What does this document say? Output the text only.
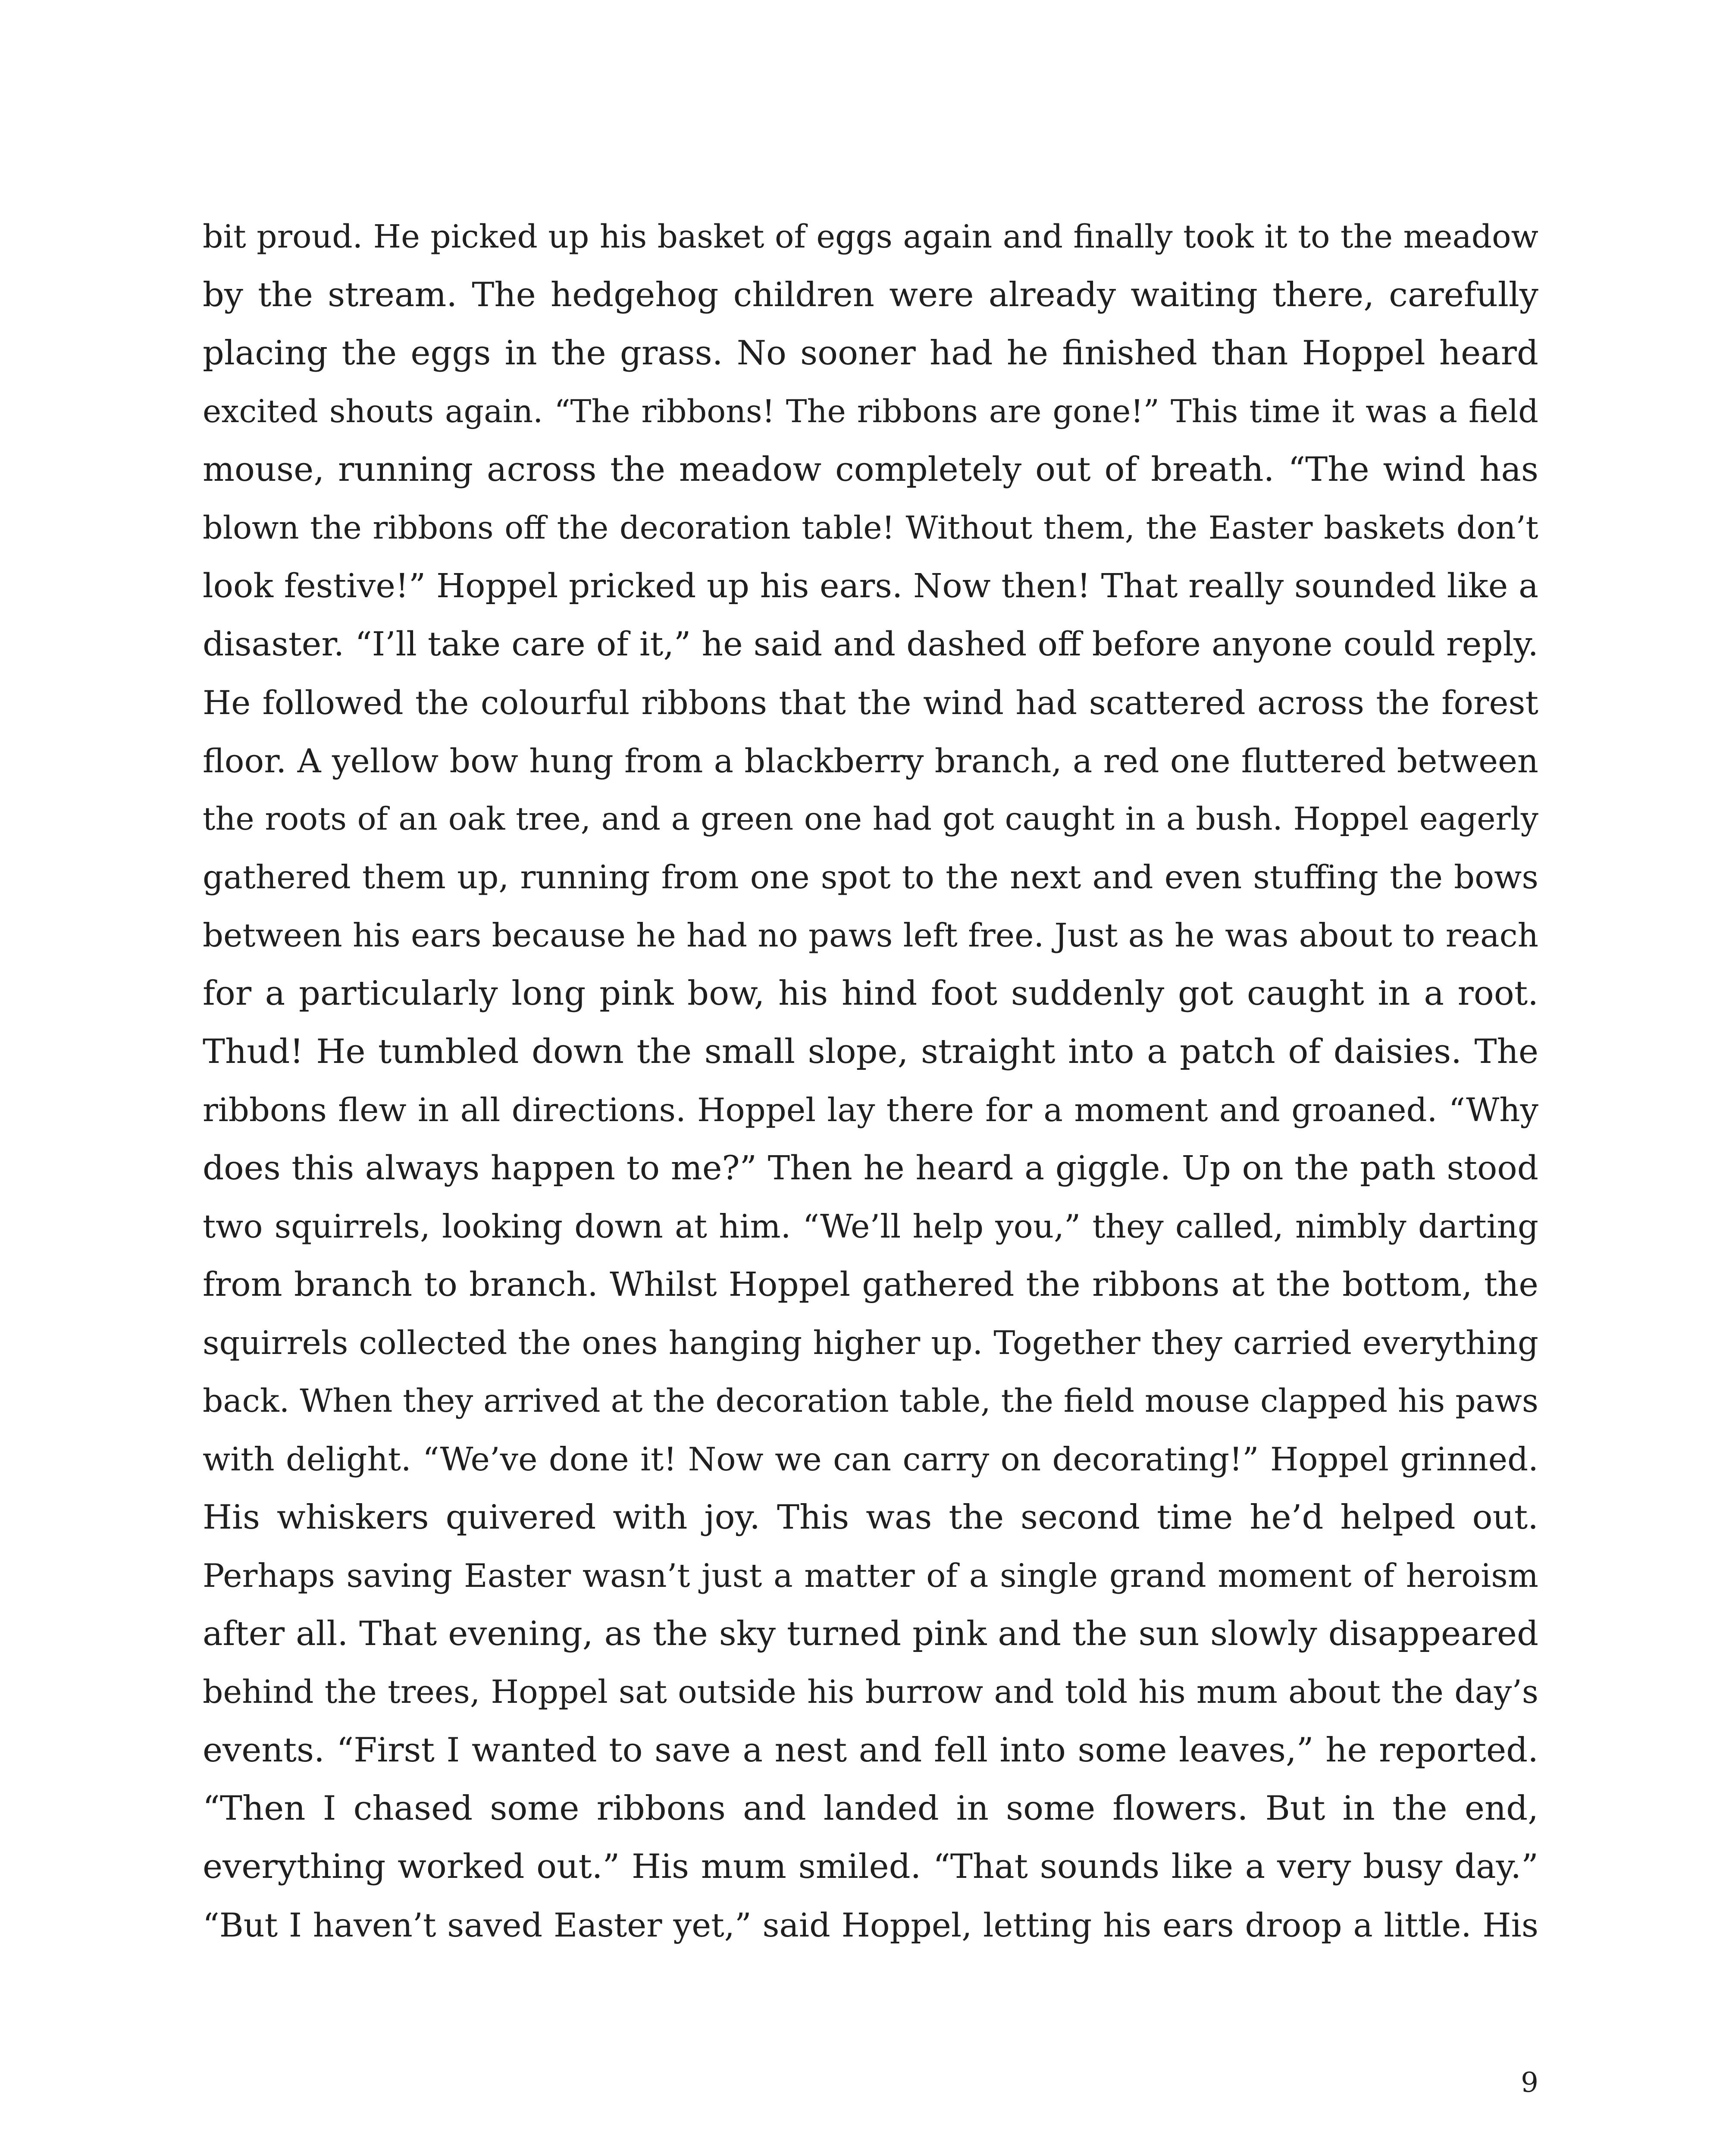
bit proud. He picked up his basket of eggs again and finally took it to the meadow
by the stream. The hedgehog children were already waiting there, carefully
placing the eggs in the grass. No sooner had he finished than Hoppel heard
excited shouts again. “The ribbons! The ribbons are gone!” This time it was a field
mouse, running across the meadow completely out of breath. “The wind has
blown the ribbons off the decoration table! Without them, the Easter baskets don’t
look festive!” Hoppel pricked up his ears. Now then! That really sounded like a
disaster. “I’ll take care of it,” he said and dashed off before anyone could reply.
He followed the colourful ribbons that the wind had scattered across the forest
floor. A yellow bow hung from a blackberry branch, a red one fluttered between
the roots of an oak tree, and a green one had got caught in a bush. Hoppel eagerly
gathered them up, running from one spot to the next and even stuffing the bows
between his ears because he had no paws left free. Just as he was about to reach
for a particularly long pink bow, his hind foot suddenly got caught in a root.
Thud! He tumbled down the small slope, straight into a patch of daisies. The
ribbons flew in all directions. Hoppel lay there for a moment and groaned. “Why
does this always happen to me?” Then he heard a giggle. Up on the path stood
two squirrels, looking down at him. “We’ll help you,” they called, nimbly darting
from branch to branch. Whilst Hoppel gathered the ribbons at the bottom, the
squirrels collected the ones hanging higher up. Together they carried everything
back. When they arrived at the decoration table, the field mouse clapped his paws
with delight. “We’ve done it! Now we can carry on decorating!” Hoppel grinned.
His whiskers quivered with joy. This was the second time he’d helped out.
Perhaps saving Easter wasn’t just a matter of a single grand moment of heroism
after all. That evening, as the sky turned pink and the sun slowly disappeared
behind the trees, Hoppel sat outside his burrow and told his mum about the day’s
events. “First I wanted to save a nest and fell into some leaves,” he reported.
“Then I chased some ribbons and landed in some flowers. But in the end,
everything worked out.” His mum smiled. “That sounds like a very busy day.”
“But I haven’t saved Easter yet,” said Hoppel, letting his ears droop a little. His
9
